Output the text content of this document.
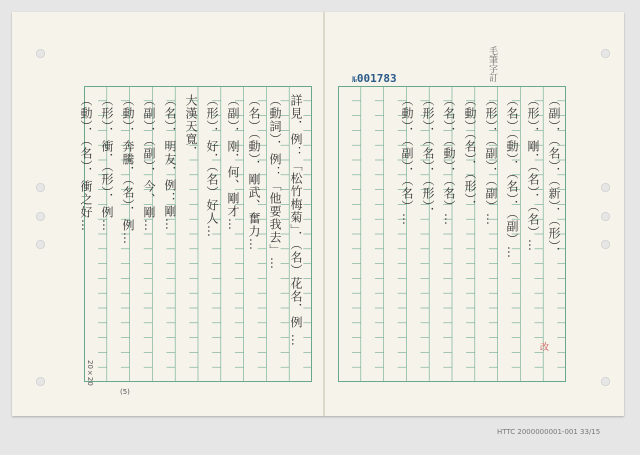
№001783	毛筆字訂
改
詳見．例：「松竹梅菊」．（名）花名．例 …
（動詞）．例：「他要我去」…
（名）（動）．剛武、奮力…
（副）．刚．何、剛才…
（形）．好．（名）好人…
大漢天寬．
（名）．明友．例：剛…
（副）．（副）．今、剛…
（動）．奔騰．（名）．例…
（形）．衝．（形）．例…
（動）．（名）．衝之好…	（副）．（名）．（新）．（形）．
（形）．剛．（名）．（名）…
（名）（動）．（名）．（副）…
（形）．（副）．（副）…
（動）（名）．（形）．
（名）．（動）．（名）…
（形）．（名）．（形）．
（動）．（副）．（名）…
(5)
20×20
HTTC 2000000001-001 33/15
